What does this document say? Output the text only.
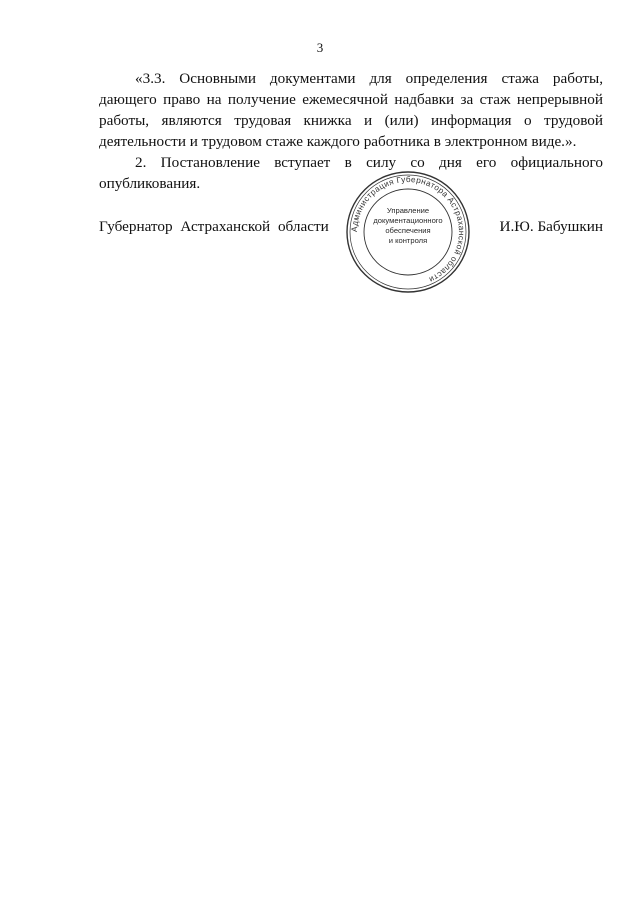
3

«3.3. Основными документами для определения стажа работы, дающего право на получение ежемесячной надбавки за стаж непрерывной работы, являются трудовая книжка и (или) информация о трудовой деятельности и трудовом стаже каждого работника в электронном виде.».

2. Постановление вступает в силу со дня его официального опубликования.

Губернатор Астраханской области	И.Ю. Бабушкин
Администрация Губернатора Астраханской области
Управление
документационного
обеспечения
и контроля
